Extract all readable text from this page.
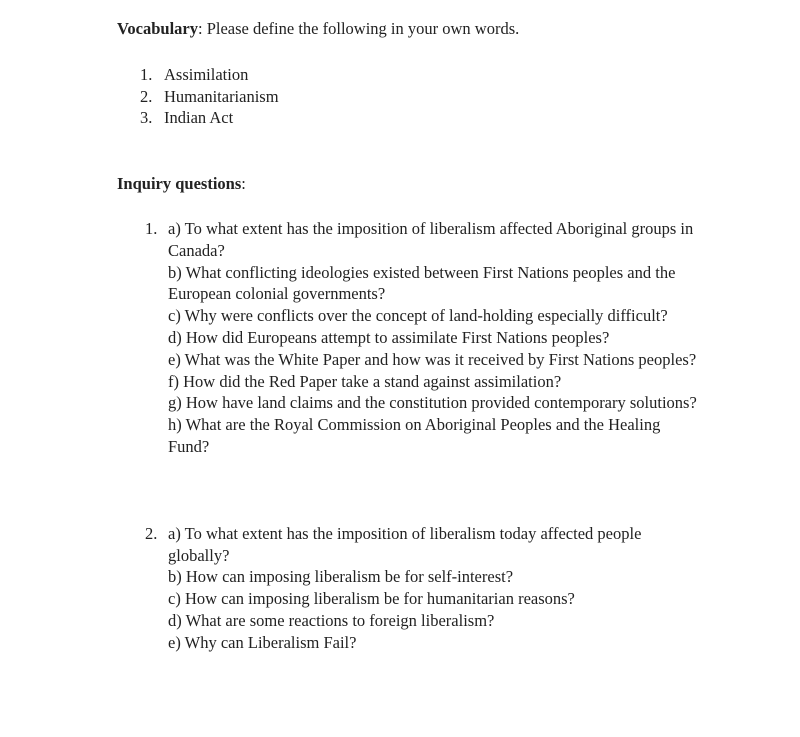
Vocabulary: Please define the following in your own words.

1. Assimilation
2. Humanitarianism
3. Indian Act

Inquiry questions:

1. a) To what extent has the imposition of liberalism affected Aboriginal groups in Canada?
b) What conflicting ideologies existed between First Nations peoples and the European colonial governments?
c) Why were conflicts over the concept of land-holding especially difficult?
d) How did Europeans attempt to assimilate First Nations peoples?
e) What was the White Paper and how was it received by First Nations peoples?
f) How did the Red Paper take a stand against assimilation?
g) How have land claims and the constitution provided contemporary solutions?
h) What are the Royal Commission on Aboriginal Peoples and the Healing Fund?
2. a) To what extent has the imposition of liberalism today affected people globally?
b) How can imposing liberalism be for self-interest?
c) How can imposing liberalism be for humanitarian reasons?
d) What are some reactions to foreign liberalism?
e) Why can Liberalism Fail?
